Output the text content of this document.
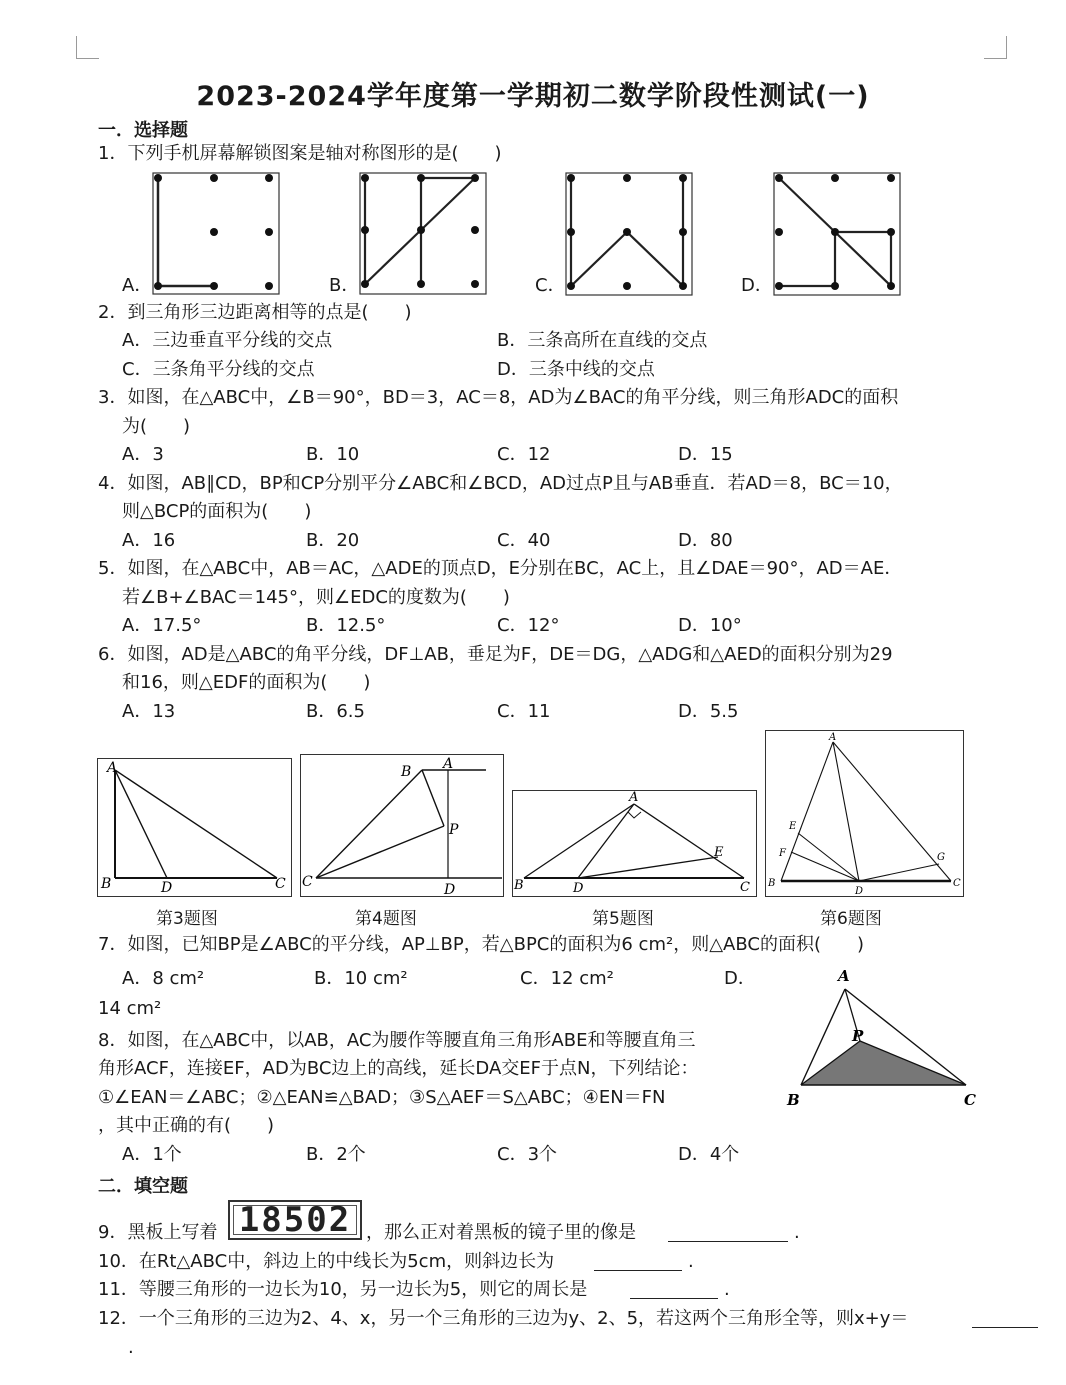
2023-2024学年度第一学期初二数学阶段性测试(一)
一．选择题
1．下列手机屏幕解锁图案是轴对称图形的是(　　)
A．	B．	C．	D．
2．到三角形三边距离相等的点是(　　)
A．三边垂直平分线的交点	B．三条高所在直线的交点
C．三条角平分线的交点	D．三条中线的交点
3．如图，在△ABC中，∠B＝90°，BD＝3，AC＝8，AD为∠BAC的角平分线，则三角形ADC的面积
为(　　)
A．3	B．10	C．12	D．15
4．如图，AB∥CD，BP和CP分别平分∠ABC和∠BCD，AD过点P且与AB垂直．若AD＝8，BC＝10，
则△BCP的面积为(　　)
A．16	B．20	C．40	D．80
5．如图，在△ABC中，AB＝AC，△ADE的顶点D，E分别在BC，AC上，且∠DAE＝90°，AD＝AE．
若∠B+∠BAC＝145°，则∠EDC的度数为(　　)
A．17.5°	B．12.5°	C．12°	D．10°
6．如图，AD是△ABC的角平分线，DF⊥AB，垂足为F，DE＝DG，△ADG和△AED的面积分别为29
和16，则△EDF的面积为(　　)
A．13	B．6.5	C．11	D．5.5
A
B	D	C
第3题图
B A
P
C	D
第4题图
A
E
B	D	C
第5题图
A
E
F	G
B
D
C
第6题图
7．如图，已知BP是∠ABC的平分线，AP⊥BP，若△BPC的面积为6 cm²，则△ABC的面积(　　)
A．8 cm²	B．10 cm²	C．12 cm²	D．
14 cm²
A
P
B	C
8．如图，在△ABC中，以AB，AC为腰作等腰直角三角形ABE和等腰直角三
角形ACF，连接EF，AD为BC边上的高线，延长DA交EF于点N，下列结论：
①∠EAN＝∠ABC；②△EAN≌△BAD；③S△AEF＝S△ABC；④EN＝FN
，其中正确的有(　　)
A．1个	B．2个	C．3个	D．4个
二．填空题
9．黑板上写着 18502 ，那么正对着黑板的镜子里的像是	.
10．在Rt△ABC中，斜边上的中线长为5cm，则斜边长为	.
11．等腰三角形的一边长为10，另一边长为5，则它的周长是	.
12．一个三角形的三边为2、4、x，另一个三角形的三边为y、2、5，若这两个三角形全等，则x+y＝
.
